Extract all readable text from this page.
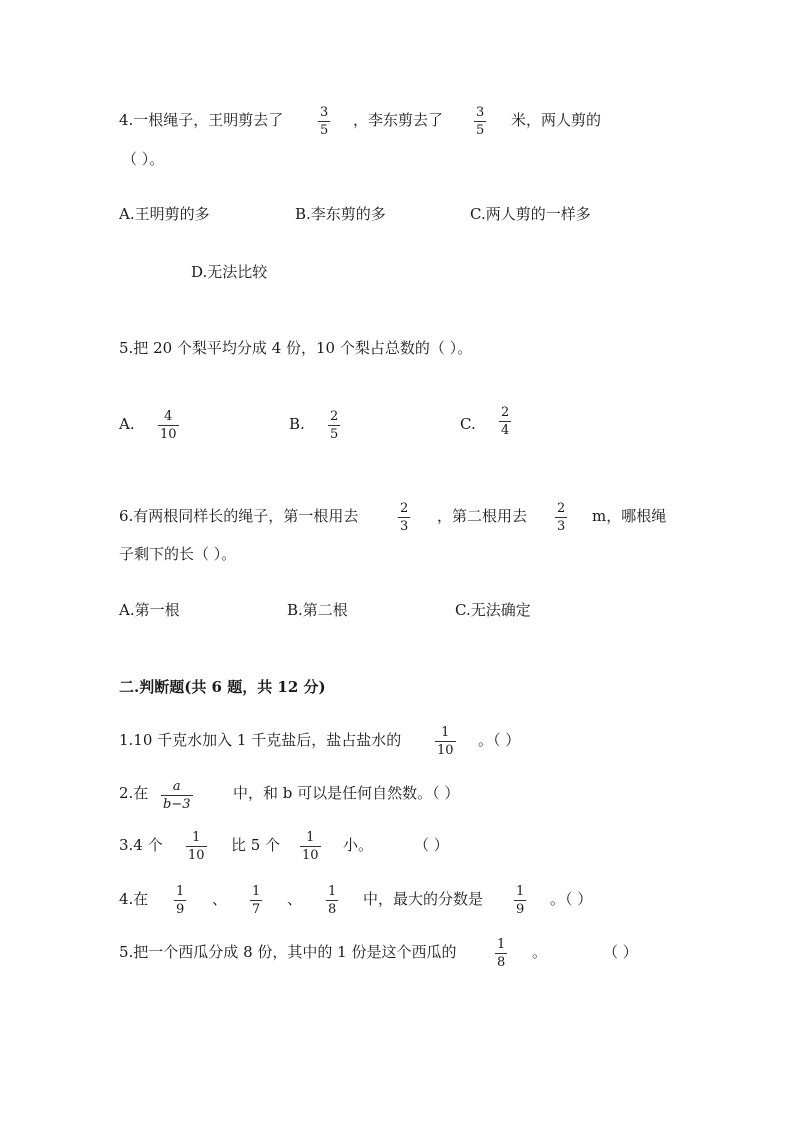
4.一根绳子，王明剪去了	3
5
，李东剪去了	3
5
米，两人剪的
（ ）。
A.王明剪的多	B.李东剪的多	C.两人剪的一样多
D.无法比较
5.把 20 个梨平均分成 4 份，10 个梨占总数的（ ）。
A. 4
10
B. 2
5
C.
2
4
6.有两根同样长的绳子，第一根用去	2
3
，第二根用去 2
3
m，哪根绳
子剩下的长（ ）。
A.第一根	B.第二根	C.无法确定
二.判断题(共 6 题，共 12 分)
1.10 千克水加入 1 千克盐后，盐占盐水的	1
10
。（ ）
2.在 a
b−3
中，和 b 可以是任何自然数。（ ）
3.4 个 1
10
比 5 个 1
10
小。	（ ）
4.在 1
9
、 1
7
、 1
8
中，最大的分数是	1
9
。（ ）
5.把一个西瓜分成 8 份，其中的 1 份是这个西瓜的	1
8
。	（ ）
